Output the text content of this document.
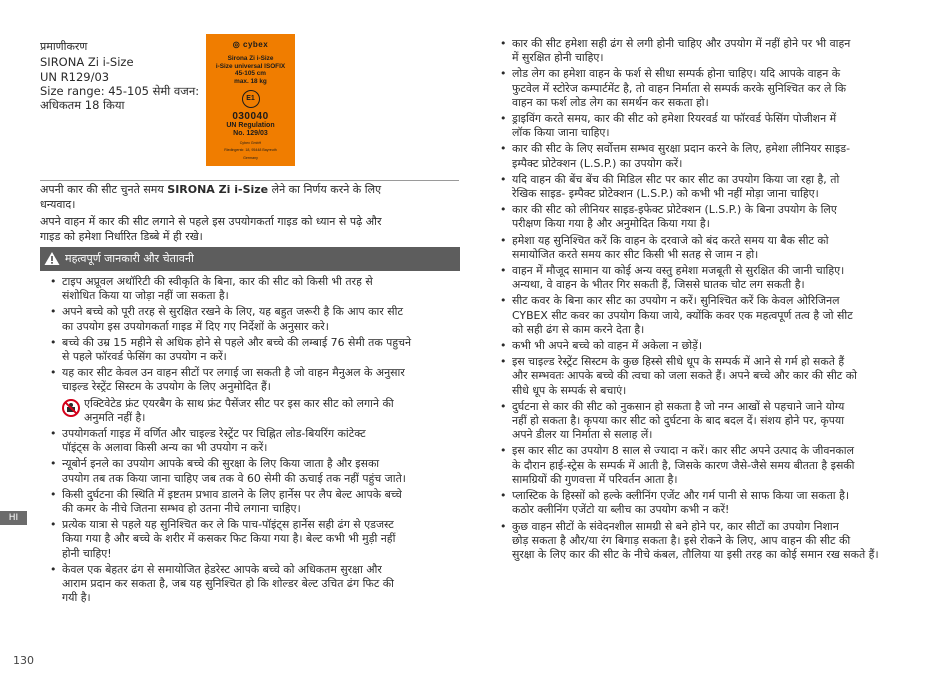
प्रमाणीकरण
SIRONA Zi i-Size
UN R129/03
Size range: 45-105 सेमी वजन:
अधिकतम 18 किया
◎ cybex
Sirona Zi i-Size
i-Size universal ISOFIX
45-105 cm
max. 18 kg
E1
030040
UN Regulation
No. 129/03
Cybex GmbH
Riedingerstr. 18, 95448 Bayreuth
Germany
अपनी कार की सीट चुनते समय SIRONA Zi i-Size लेने का निर्णय करने के लिए
धन्यवाद।
अपने वाहन में कार की सीट लगाने से पहले इस उपयोगकर्ता गाइड को ध्यान से पढ़े और
गाइड को हमेशा निर्धारित डिब्बे में ही रखे।
महत्वपूर्ण जानकारी और चेतावनी
• टाइप अप्रूवल अथॉरिटी की स्वीकृति के बिना, कार की सीट को किसी भी तरह से
संशोधित किया या जोड़ा नहीं जा सकता है।
• अपने बच्चे को पूरी तरह से सुरक्षित रखने के लिए, यह बहुत जरूरी है कि आप कार सीट
का उपयोग इस उपयोगकर्ता गाइड में दिए गए निर्देशों के अनुसार करे।
• बच्चे की उम्र 15 महीने से अधिक होने से पहले और बच्चे की लम्बाई 76 सेमी तक पहुचने
से पहले फॉरवर्ड फेसिंग का उपयोग न करें।
• यह कार सीट केवल उन वाहन सीटों पर लगाई जा सकती है जो वाहन मैनुअल के अनुसार
चाइल्ड रेस्ट्रेंट सिस्टम के उपयोग के लिए अनुमोदित हैं।
एक्टिवेटेड फ्रंट एयरबैग के साथ फ्रंट पैसेंजर सीट पर इस कार सीट को लगाने की
अनुमति नहीं है।
• उपयोगकर्ता गाइड में वर्णित और चाइल्ड रेस्ट्रेंट पर चिह्नित लोड-बियरिंग कांटेक्ट
पॉइंट्स के अलावा किसी अन्य का भी उपयोग न करें।
• न्यूबोर्न इनले का उपयोग आपके बच्चे की सुरक्षा के लिए किया जाता है और इसका
उपयोग तब तक किया जाना चाहिए जब तक वे 60 सेमी की ऊचाई तक नहीं पहुंच जाते।
• किसी दुर्घटना की स्थिति में इष्टतम प्रभाव डालने के लिए हार्नेस पर लैप बेल्ट आपके बच्चे
की कमर के नीचे जितना सम्भव हो उतना नीचे लगाना चाहिए।
• प्रत्येक यात्रा से पहले यह सुनिश्चित कर ले कि पाच-पॉइंट्स हार्नेस सही ढंग से एडजस्ट
किया गया है और बच्चे के शरीर में कसकर फिट किया गया है। बेल्ट कभी भी मुड़ी नहीं
होनी चाहिए!
• केवल एक बेहतर ढंग से समायोजित हेडरेस्ट आपके बच्चे को अधिकतम सुरक्षा और
आराम प्रदान कर सकता है, जब यह सुनिश्चित हो कि शोल्डर बेल्ट उचित ढंग फिट की
गयी है।
• कार की सीट हमेशा सही ढंग से लगी होनी चाहिए और उपयोग में नहीं होने पर भी वाहन
में सुरक्षित होनी चाहिए।
• लोड लेग का हमेशा वाहन के फर्श से सीधा सम्पर्क होना चाहिए। यदि आपके वाहन के
फुटवेल में स्टोरेज कम्पार्टमेंट है, तो वाहन निर्माता से सम्पर्क करके सुनिश्चित कर ले कि
वाहन का फर्श लोड लेग का समर्थन कर सकता हो।
• ड्राइविंग करते समय, कार की सीट को हमेशा रियरवर्ड या फॉरवर्ड फेसिंग पोजीशन में
लॉक किया जाना चाहिए।
• कार की सीट के लिए सर्वोत्तम सम्भव सुरक्षा प्रदान करने के लिए, हमेशा लीनियर साइड-
इम्पैक्ट प्रोटेक्शन (L.S.P.) का उपयोग करें।
• यदि वाहन की बेंच बेंच की मिडिल सीट पर कार सीट का उपयोग किया जा रहा है, तो
रेखिक साइड- इम्पैक्ट प्रोटेक्शन (L.S.P.) को कभी भी नहीं मोड़ा जाना चाहिए।
• कार की सीट को लीनियर साइड-इफेक्ट प्रोटेक्शन (L.S.P.) के बिना उपयोग के लिए
परीक्षण किया गया है और अनुमोदित किया गया है।
• हमेशा यह सुनिश्चित करें कि वाहन के दरवाजे को बंद करते समय या बैक सीट को
समायोजित करते समय कार सीट किसी भी सतह से जाम न हो।
• वाहन में मौजूद सामान या कोई अन्य वस्तु हमेशा मजबूती से सुरक्षित की जानी चाहिए।
अन्यथा, वे वाहन के भीतर गिर सकती हैं, जिससे घातक चोट लग सकती है।
• सीट कवर के बिना कार सीट का उपयोग न करें। सुनिश्चित करें कि केवल ओरिजिनल
CYBEX सीट कवर का उपयोग किया जाये, क्योंकि कवर एक महत्वपूर्ण तत्व है जो सीट
को सही ढंग से काम करने देता है।
• कभी भी अपने बच्चे को वाहन में अकेला न छोड़ें।
• इस चाइल्ड रेस्ट्रेंट सिस्टम के कुछ हिस्से सीधे धूप के सम्पर्क में आने से गर्म हो सकते हैं
और सम्भवतः आपके बच्चे की त्वचा को जला सकते हैं। अपने बच्चे और कार की सीट को
सीधे धूप के सम्पर्क से बचाएं।
• दुर्घटना से कार की सीट को नुकसान हो सकता है जो नग्न आखों से पहचाने जाने योग्य
नहीं हो सकता है। कृपया कार सीट को दुर्घटना के बाद बदल दें। संशय होने पर, कृपया
अपने डीलर या निर्माता से सलाह लें।
• इस कार सीट का उपयोग 8 साल से ज्यादा न करें। कार सीट अपने उत्पाद के जीवनकाल
के दौरान हाई-स्ट्रेस के सम्पर्क में आती है, जिसके कारण जैसे-जैसे समय बीतता है इसकी
सामग्रियों की गुणवत्ता में परिवर्तन आता है।
• प्लास्टिक के हिस्सों को हल्के क्लीनिंग एजेंट और गर्म पानी से साफ किया जा सकता है।
कठोर क्लीनिंग एजेंटो या ब्लीच का उपयोग कभी न करें!
• कुछ वाहन सीटों के संवेदनशील सामग्री से बने होने पर, कार सीटों का उपयोग निशान
छोड़ सकता है और/या रंग बिगाड़ सकता है। इसे रोकने के लिए, आप वाहन की सीट की
सुरक्षा के लिए कार की सीट के नीचे कंबल, तौलिया या इसी तरह का कोई समान रख सकते हैं।
HI
130
